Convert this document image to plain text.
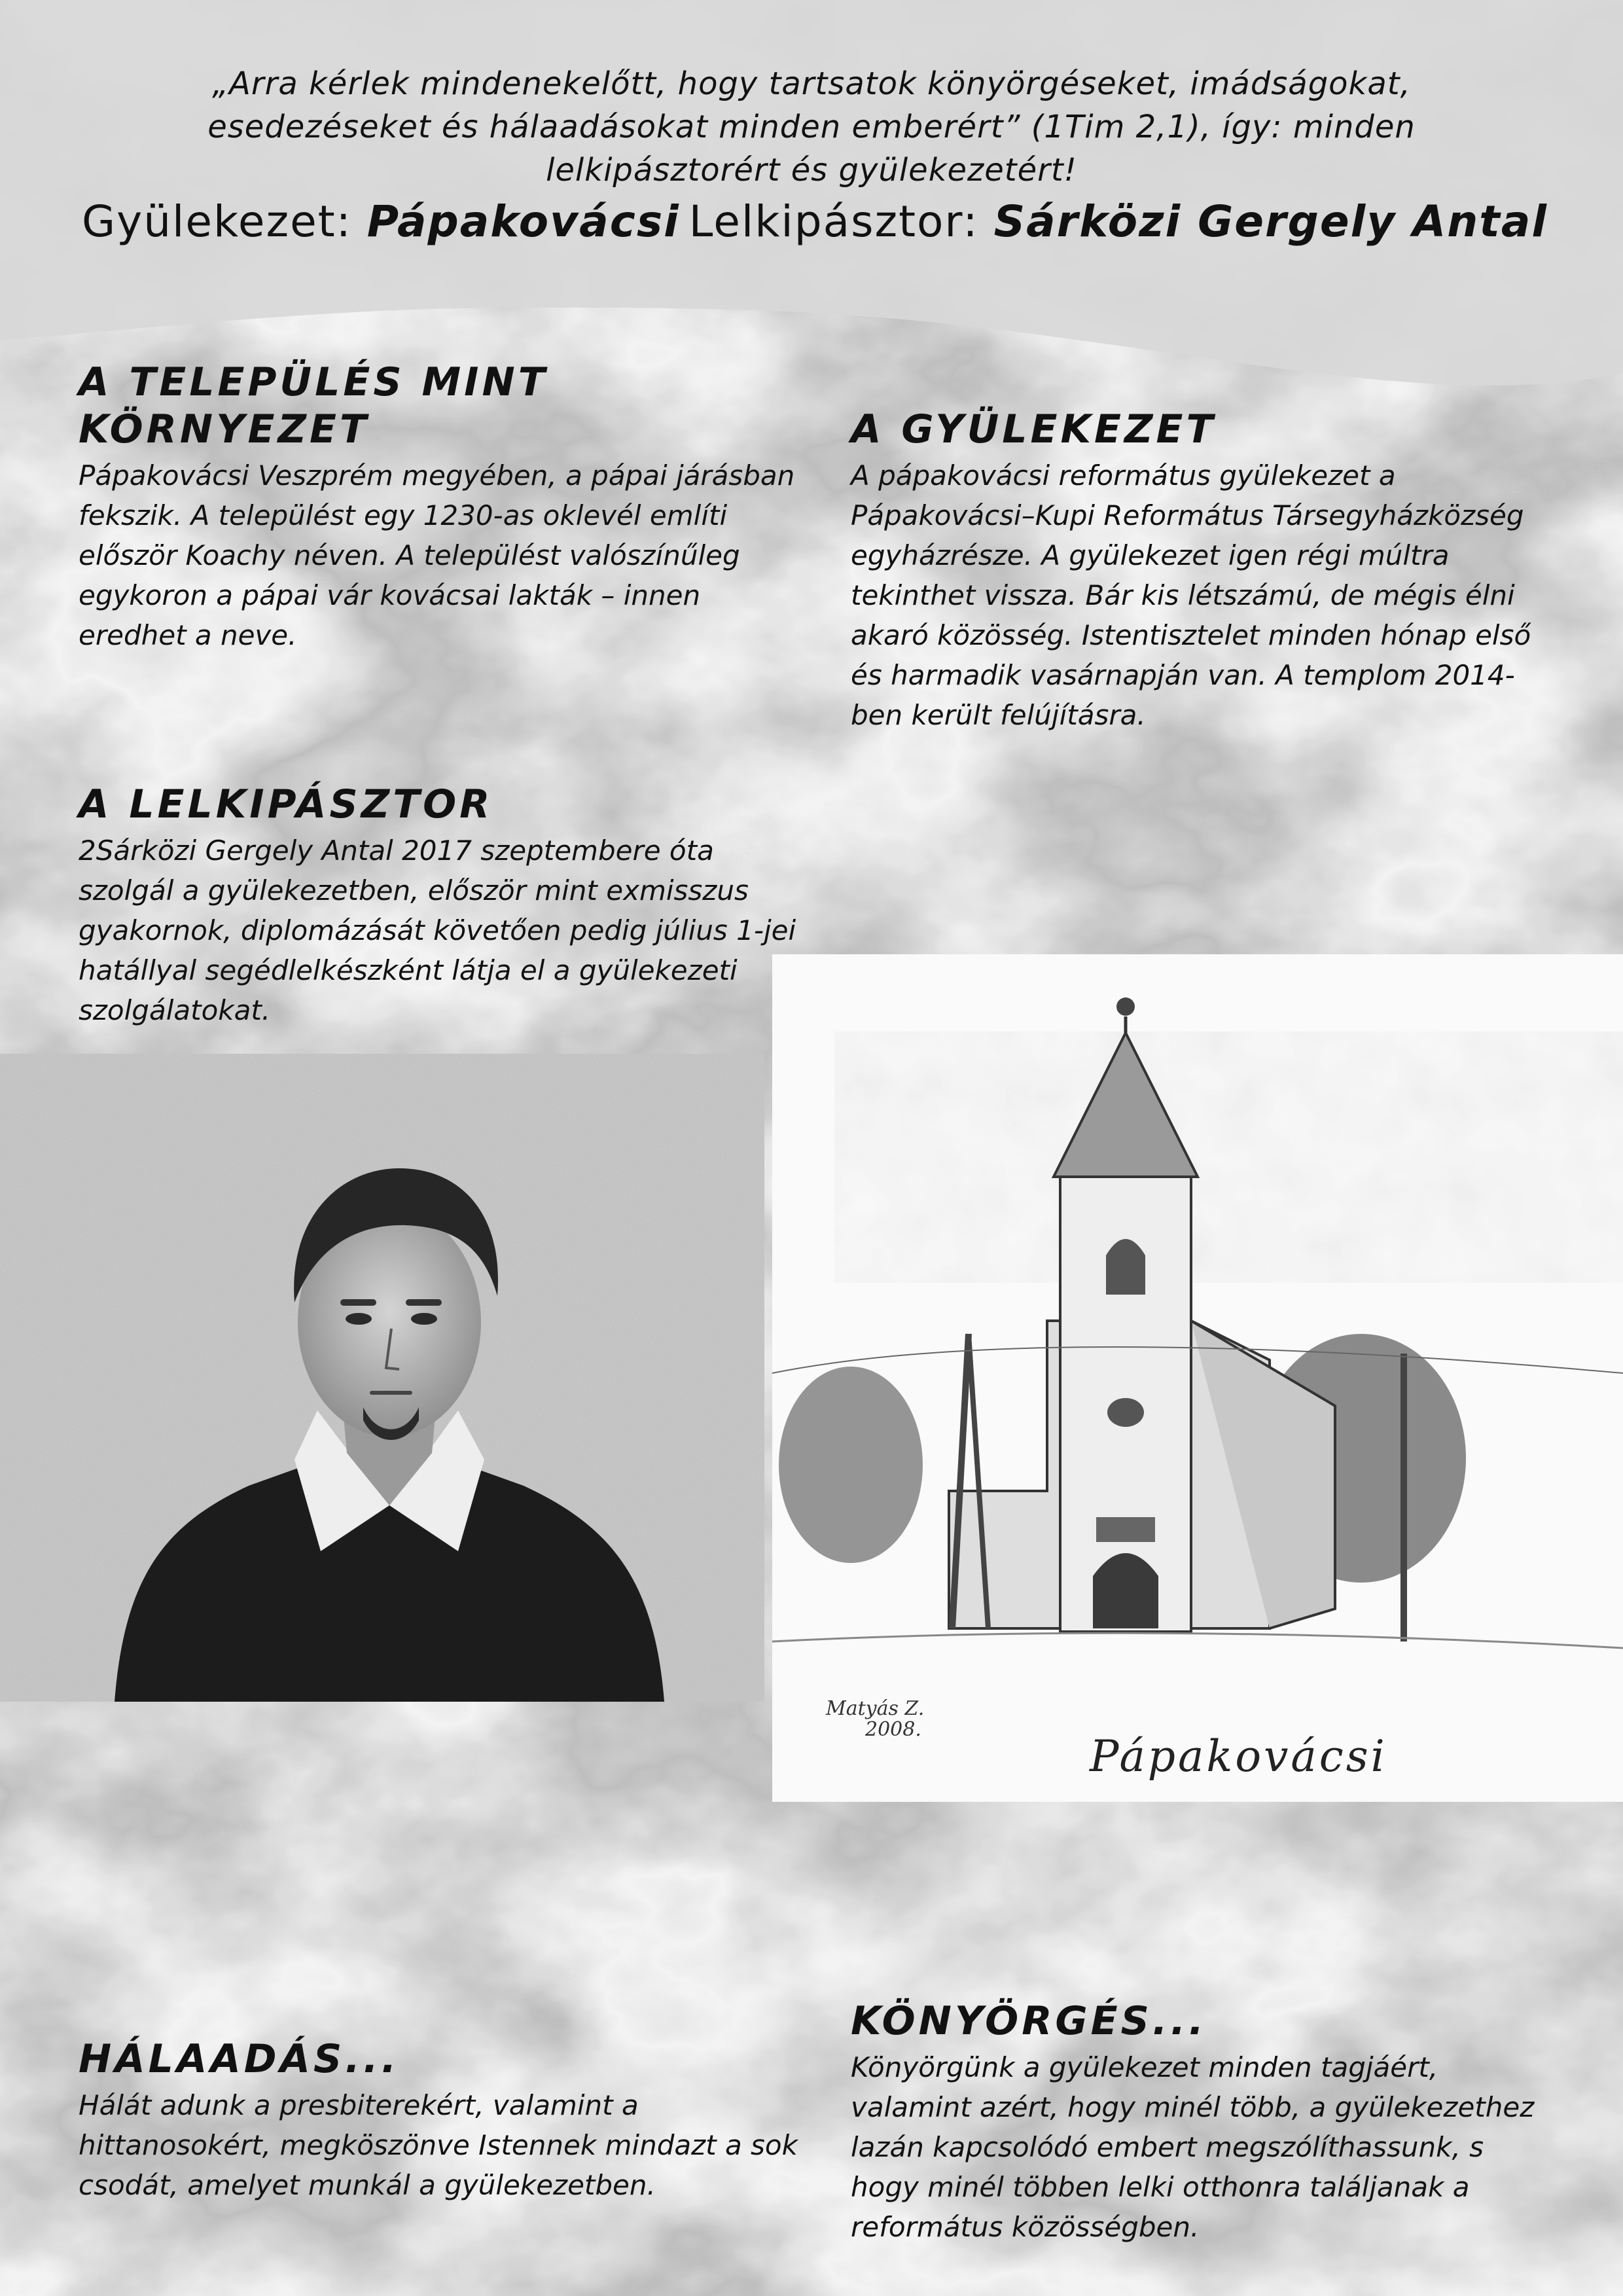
„Arra kérlek mindenekelőtt, hogy tartsatok könyörgéseket, imádságokat, esedezéseket és hálaadásokat minden emberért” (1Tim 2,1), így: minden lelkipásztorért és gyülekezetért!
Gyülekezet: Pápakovácsi Lelkipásztor: Sárközi Gergely Antal
A TELEPÜLÉS MINT KÖRNYEZET

Pápakovácsi Veszprém megyében, a pápai járásban fekszik. A települést egy 1230-as oklevél említi először Koachy néven. A települést valószínűleg egykoron a pápai vár kovácsai lakták – innen eredhet a neve.

A GYÜLEKEZET

A pápakovácsi református gyülekezet a Pápakovácsi–Kupi Református Társegyházközség egyházrésze. A gyülekezet igen régi múltra tekinthet vissza. Bár kis létszámú, de mégis élni akaró közösség. Istentisztelet minden hónap első és harmadik vasárnapján van. A templom 2014-ben került felújításra.

A LELKIPÁSZTOR

2Sárközi Gergely Antal 2017 szeptembere óta szolgál a gyülekezetben, először mint exmisszus gyakornok, diplomázását követően pedig július 1-jei hatállyal segédlelkészként látja el a gyülekezeti szolgálatokat.

Matyás Z.
2008.
Pápakovácsi
HÁLAADÁS...

Hálát adunk a presbiterekért, valamint a hittanosokért, megköszönve Istennek mindazt a sok csodát, amelyet munkál a gyülekezetben.

KÖNYÖRGÉS...

Könyörgünk a gyülekezet minden tagjáért, valamint azért, hogy minél több, a gyülekezethez lazán kapcsolódó embert megszólíthassunk, s hogy minél többen lelki otthonra találjanak a református közösségben.
